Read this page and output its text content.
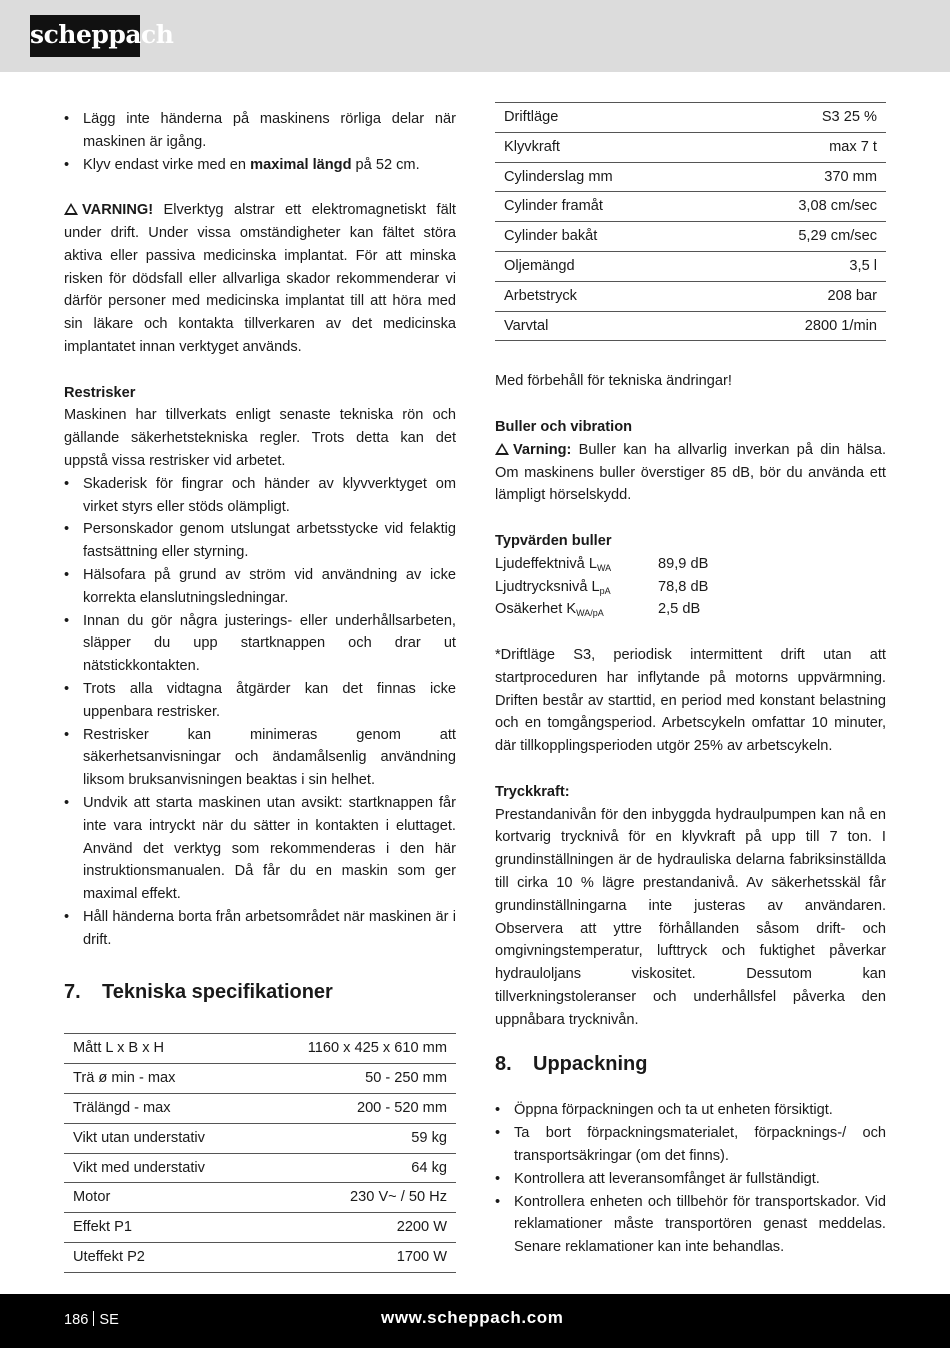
scheppach
• Lägg inte händerna på maskinens rörliga delar när maskinen är igång.
• Klyv endast virke med en maximal längd på 52 cm.

VARNING! Elverktyg alstrar ett elektromagnetiskt fält under drift. Under vissa omständigheter kan fältet störa aktiva eller passiva medicinska implantat. För att minska risken för dödsfall eller allvarliga skador rekommenderar vi därför personer med medicinska implantat till att höra med sin läkare och kontakta tillverkaren av det medicinska implantatet innan verktyget används.

Restrisker

Maskinen har tillverkats enligt senaste tekniska rön och gällande säkerhetstekniska regler. Trots detta kan det uppstå vissa restrisker vid arbetet.

• Skaderisk för fingrar och händer av klyvverktyget om virket styrs eller stöds olämpligt.
• Personskador genom utslungat arbetsstycke vid felaktig fastsättning eller styrning.
• Hälsofara på grund av ström vid användning av icke korrekta elanslutningsledningar.
• Innan du gör några justerings- eller underhållsarbeten, släpper du upp startknappen och drar ut nätstickkontakten.
• Trots alla vidtagna åtgärder kan det finnas icke uppenbara restrisker.
• Restrisker kan minimeras genom att säkerhetsanvisningar och ändamålsenlig användning liksom bruksanvisningen beaktas i sin helhet.
• Undvik att starta maskinen utan avsikt: startknappen får inte vara intryckt när du sätter in kontakten i eluttaget. Använd det verktyg som rekommenderas i den här instruktionsmanualen. Då får du en maskin som ger maximal effekt.
• Håll händerna borta från arbetsområdet när maskinen är i drift.
7. Tekniska specifikationer
Mått L x B x H	1160 x 425 x 610 mm
Trä ø min - max	50 - 250 mm
Trälängd - max	200 - 520 mm
Vikt utan understativ	59 kg
Vikt med understativ	64 kg
Motor	230 V~ / 50 Hz
Effekt P1	2200 W
Uteffekt P2	1700 W
Driftläge	S3 25 %
Klyvkraft	max 7 t
Cylinderslag mm	370 mm
Cylinder framåt	3,08 cm/sec
Cylinder bakåt	5,29 cm/sec
Oljemängd	3,5 l
Arbetstryck	208 bar
Varvtal	2800 1/min

Med förbehåll för tekniska ändringar!

Buller och vibration

Varning: Buller kan ha allvarlig inverkan på din hälsa. Om maskinens buller överstiger 85 dB, bör du använda ett lämpligt hörselskydd.

Typvärden buller
Ljudeffektnivå $L_{WA}$	89,9 dB
Ljudtrycksnivå $L_{pA}$	78,8 dB
Osäkerhet $K_{WA/pA}$	2,5 dB

*Driftläge S3, periodisk intermittent drift utan att startproceduren har inflytande på motorns uppvärmning. Driften består av starttid, en period med konstant belastning och en tomgångsperiod. Arbetscykeln omfattar 10 minuter, där tillkopplingsperioden utgör 25% av arbetscykeln.

Tryckkraft:

Prestandanivån för den inbyggda hydraulpumpen kan nå en kortvarig trycknivå för en klyvkraft på upp till 7 ton. I grundinställningen är de hydrauliska delarna fabriksinställda till cirka 10 % lägre prestandanivå. Av säkerhetsskäl får grundinställningarna inte justeras av användaren. Observera att yttre förhållanden såsom drift- och omgivningstemperatur, lufttryck och fuktighet påverkar hydrauloljans viskositet. Dessutom kan tillverkningstoleranser och underhållsfel påverka den uppnåbara trycknivån.

8. Uppackning
• Öppna förpackningen och ta ut enheten försiktigt.
• Ta bort förpackningsmaterialet, förpacknings-/ och transportsäkringar (om det finns).
• Kontrollera att leveransomfånget är fullständigt.
• Kontrollera enheten och tillbehör för transportskador. Vid reklamationer måste transportören genast meddelas. Senare reklamationer kan inte behandlas.
186 SE	www.scheppach.com
